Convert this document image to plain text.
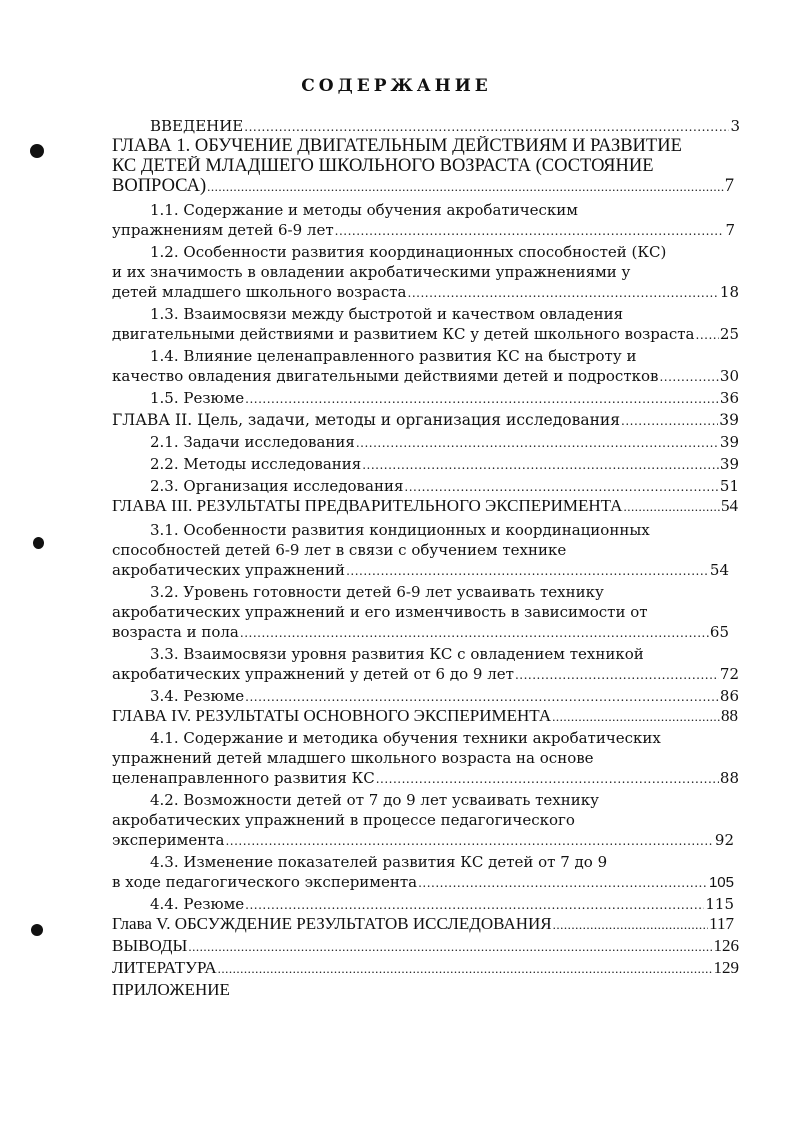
СОДЕРЖАНИЕ
ВВЕДЕНИЕ .....	3
ГЛАВА 1. ОБУЧЕНИЕ ДВИГАТЕЛЬНЫМ ДЕЙСТВИЯМ И РАЗВИТИЕ
КС ДЕТЕЙ МЛАДШЕГО ШКОЛЬНОГО ВОЗРАСТА (СОСТОЯНИЕ
ВОПРОСА) .....	7
1.1. Содержание и методы обучения акробатическим
упражнениям детей 6-9 лет .....	7
1.2. Особенности развития координационных способностей (КС)
и их значимость в овладении акробатическими упражнениями у
детей младшего школьного возраста .....	18
1.3. Взаимосвязи между быстротой и качеством овладения
двигательными действиями и развитием КС у детей школьного возраста ..... 25
1.4. Влияние целенаправленного развития КС на быстроту и
качество овладения двигательными действиями детей и подростков .....	30
1.5. Резюме .....	36
ГЛАВА II. Цель, задачи, методы и организация исследования .....	39
2.1. Задачи исследования .....	39
2.2. Методы исследования .....	39
2.3. Организация исследования .....	51
ГЛАВА III. РЕЗУЛЬТАТЫ ПРЕДВАРИТЕЛЬНОГО ЭКСПЕРИМЕНТА .....	54
3.1. Особенности развития кондиционных и координационных
способностей детей 6-9 лет в связи с обучением технике
акробатических упражнений .....	54
3.2. Уровень готовности детей 6-9 лет усваивать технику
акробатических упражнений и его изменчивость в зависимости от
возраста и пола .....	65
3.3. Взаимосвязи уровня развития КС с овладением техникой
акробатических упражнений у детей от 6 до 9 лет .....	72
3.4. Резюме .....	86
ГЛАВА IV. РЕЗУЛЬТАТЫ ОСНОВНОГО ЭКСПЕРИМЕНТА .....	88
4.1. Содержание и методика обучения техники акробатических
упражнений детей младшего школьного возраста на основе
целенаправленного развития КС .....	88
4.2. Возможности детей от 7 до 9 лет усваивать технику
акробатических упражнений в процессе педагогического
эксперимента .....	92
4.3. Изменение показателей развития КС детей от 7 до 9
в ходе педагогического эксперимента .....	105
4.4. Резюме .....	115
Глава V. ОБСУЖДЕНИЕ РЕЗУЛЬТАТОВ ИССЛЕДОВАНИЯ .....	117
ВЫВОДЫ .....	126
ЛИТЕРАТУРА .....	129
ПРИЛОЖЕНИЕ
